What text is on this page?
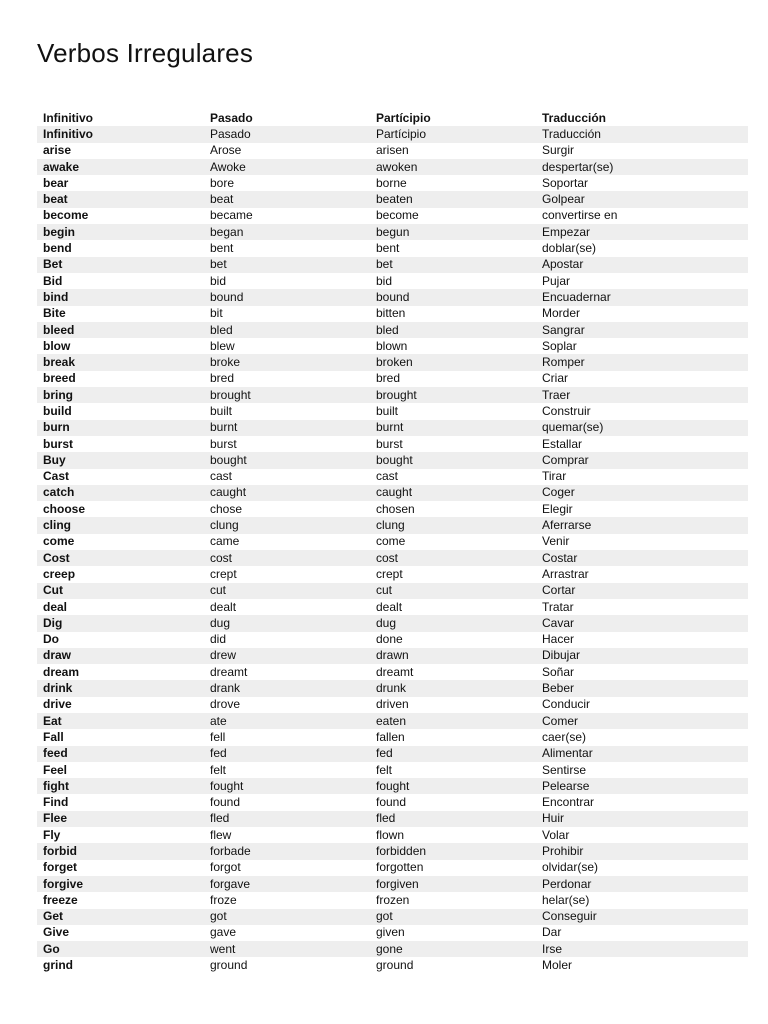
Verbos Irregulares
Infinitivo	Pasado	Partícipio	Traducción
Infinitivo	Pasado	Partícipio	Traducción
arise	Arose	arisen	Surgir
awake	Awoke	awoken	despertar(se)
bear	bore	borne	Soportar
beat	beat	beaten	Golpear
become	became	become	convertirse en
begin	began	begun	Empezar
bend	bent	bent	doblar(se)
Bet	bet	bet	Apostar
Bid	bid	bid	Pujar
bind	bound	bound	Encuadernar
Bite	bit	bitten	Morder
bleed	bled	bled	Sangrar
blow	blew	blown	Soplar
break	broke	broken	Romper
breed	bred	bred	Criar
bring	brought	brought	Traer
build	built	built	Construir
burn	burnt	burnt	quemar(se)
burst	burst	burst	Estallar
Buy	bought	bought	Comprar
Cast	cast	cast	Tirar
catch	caught	caught	Coger
choose	chose	chosen	Elegir
cling	clung	clung	Aferrarse
come	came	come	Venir
Cost	cost	cost	Costar
creep	crept	crept	Arrastrar
Cut	cut	cut	Cortar
deal	dealt	dealt	Tratar
Dig	dug	dug	Cavar
Do	did	done	Hacer
draw	drew	drawn	Dibujar
dream	dreamt	dreamt	Soñar
drink	drank	drunk	Beber
drive	drove	driven	Conducir
Eat	ate	eaten	Comer
Fall	fell	fallen	caer(se)
feed	fed	fed	Alimentar
Feel	felt	felt	Sentirse
fight	fought	fought	Pelearse
Find	found	found	Encontrar
Flee	fled	fled	Huir
Fly	flew	flown	Volar
forbid	forbade	forbidden	Prohibir
forget	forgot	forgotten	olvidar(se)
forgive	forgave	forgiven	Perdonar
freeze	froze	frozen	helar(se)
Get	got	got	Conseguir
Give	gave	given	Dar
Go	went	gone	Irse
grind	ground	ground	Moler
